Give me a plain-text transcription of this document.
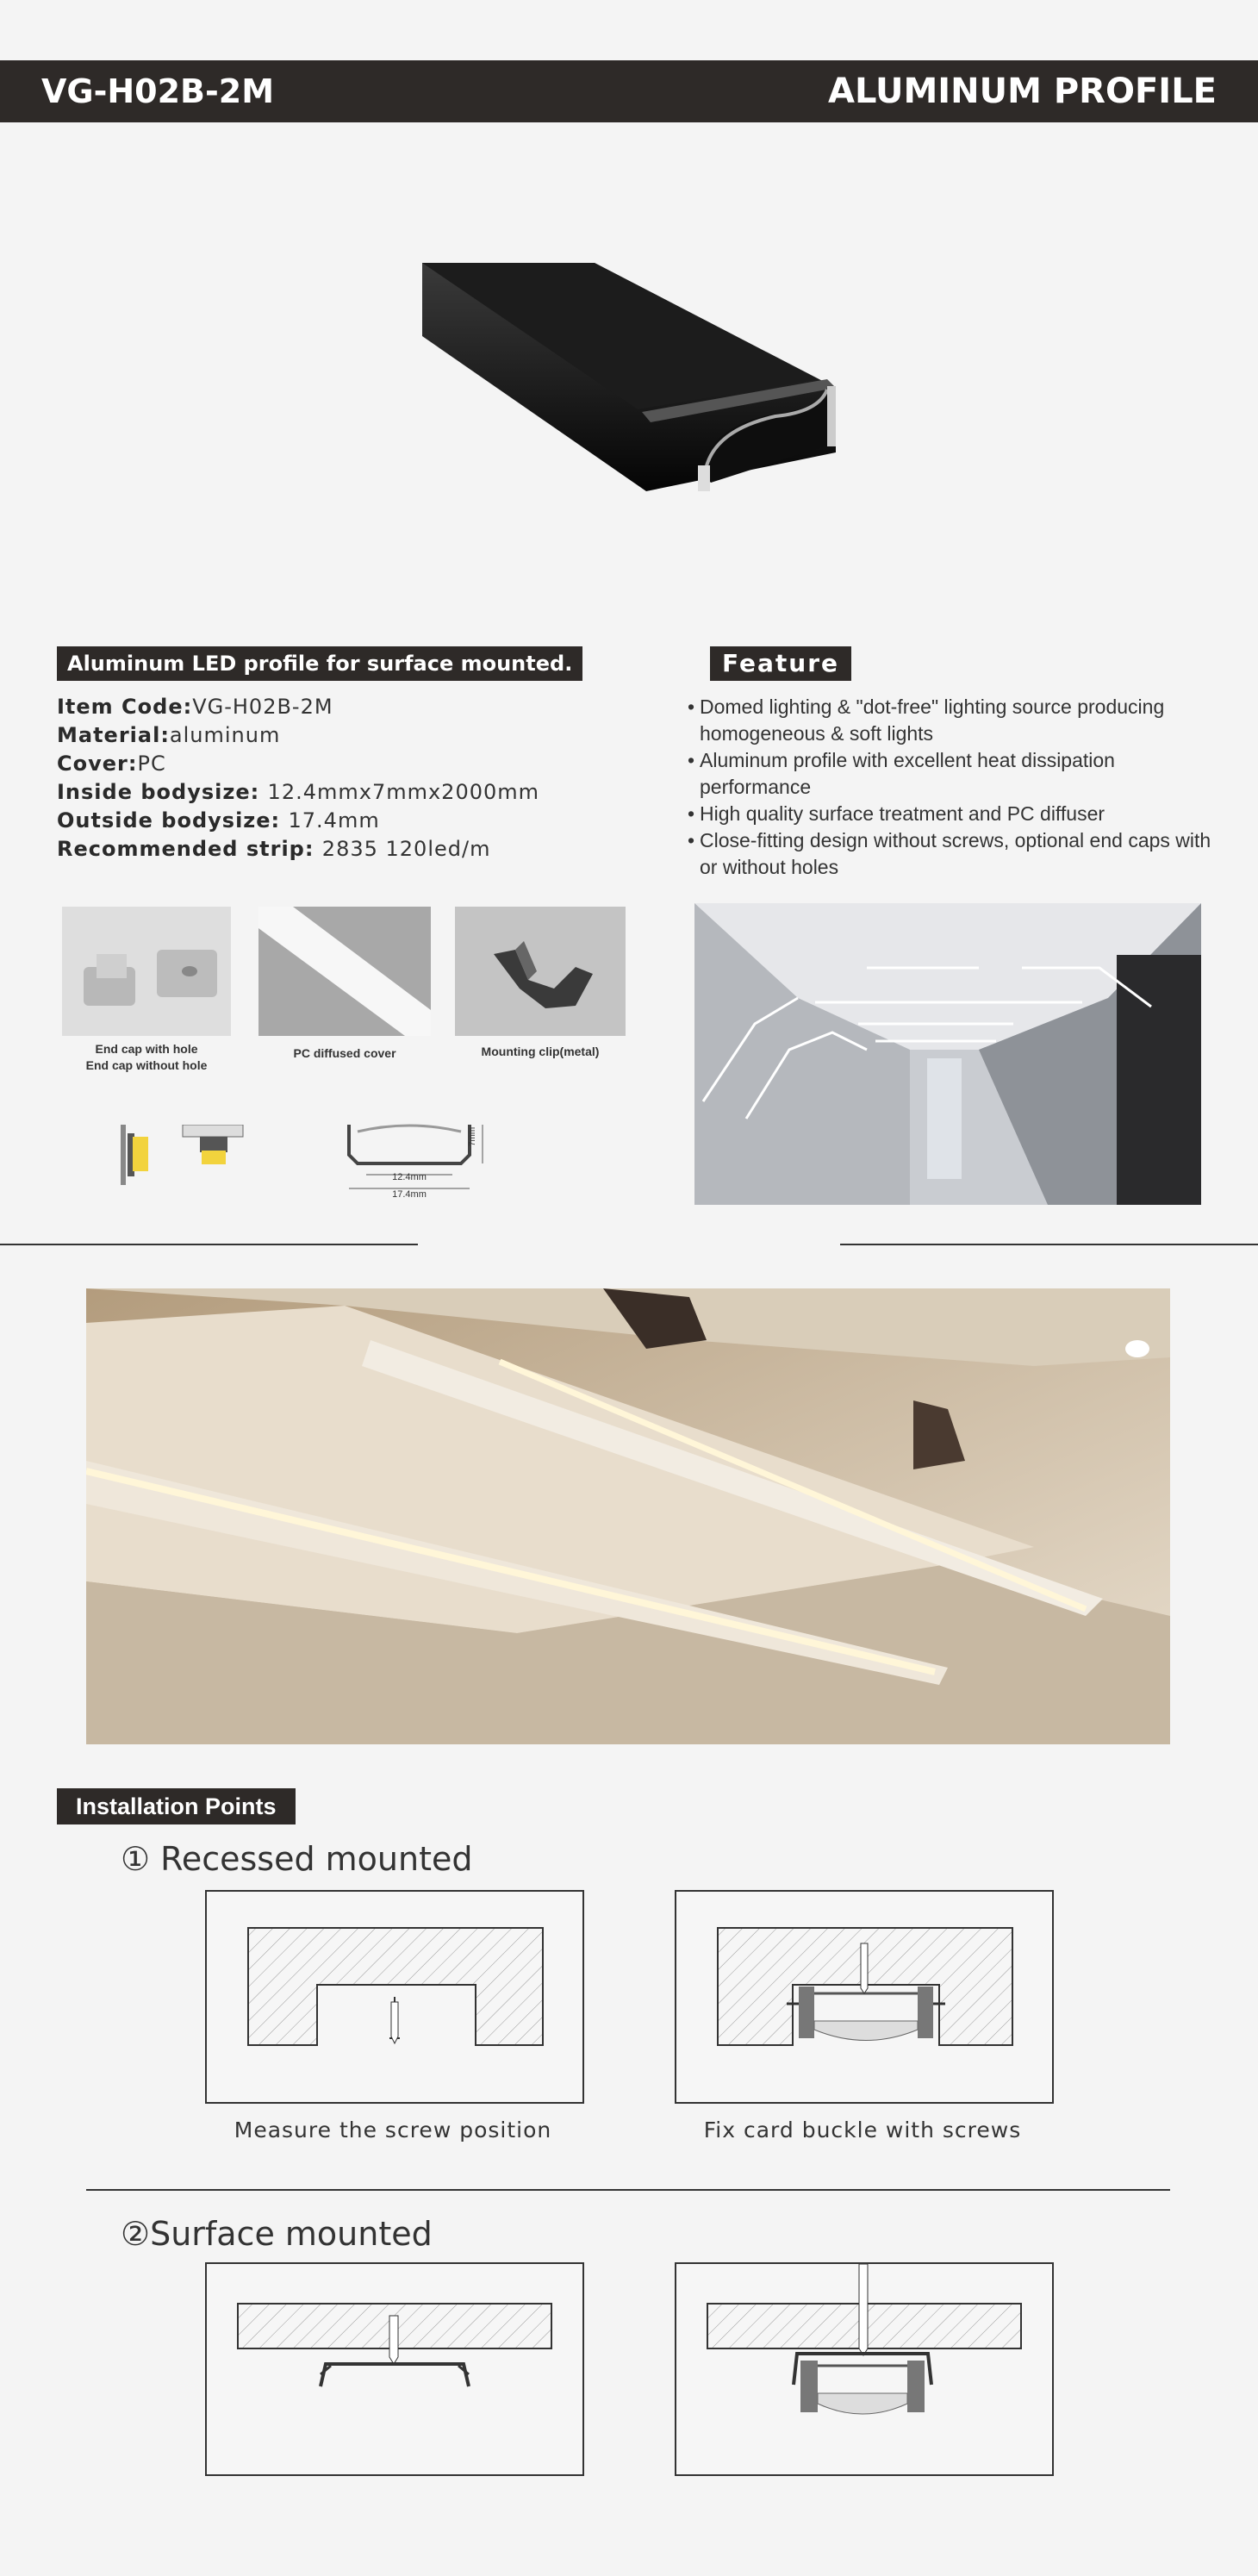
VG-H02B-2M	ALUMINUM PROFILE
Aluminum LED profile for surface mounted.
Item Code:VG-H02B-2M
Material:aluminum
Cover:PC
Inside bodysize: 12.4mmx7mmx2000mm
Outside bodysize: 17.4mm
Recommended strip: 2835 120led/m
Feature
• Domed lighting & "dot-free" lighting source producing homogeneous & soft lights
• Aluminum profile with excellent heat dissipation performance
• High quality surface treatment and PC diffuser
• Close-fitting design without screws, optional end caps with or without holes
End cap with hole
End cap without hole
PC diffused cover	Mounting clip(metal)
12.4mm
17.4mm
7mm
Installation Points
① Recessed mounted
Measure the screw position	Fix card buckle with screws
②Surface mounted
